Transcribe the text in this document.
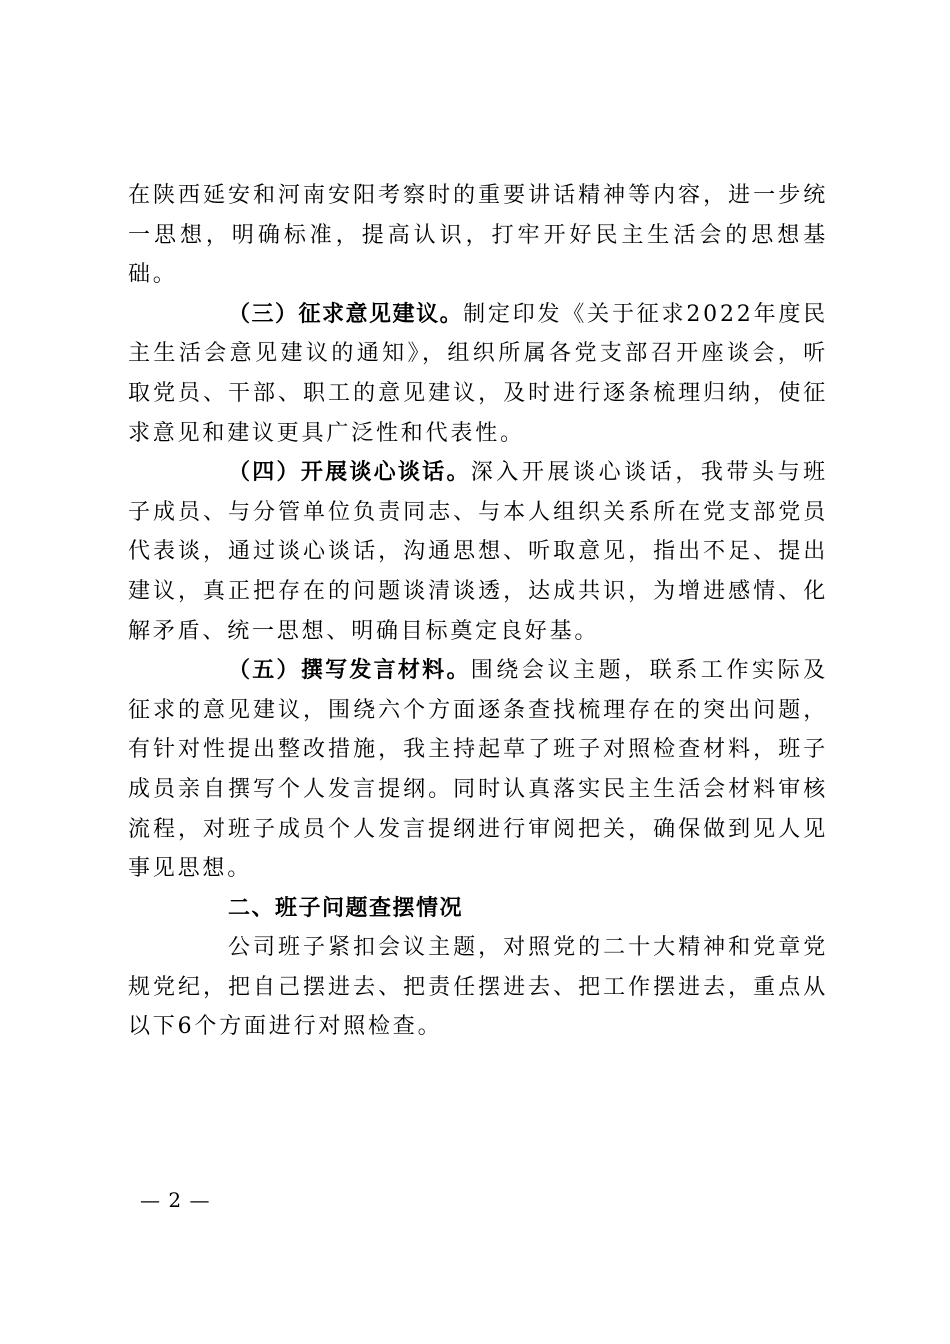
在陕西延安和河南安阳考察时的重要讲话精神等内容，进一步统一思想，明确标准，提高认识，打牢开好民主生活会的思想基础。

（三）征求意见建议。制定印发《关于征求2022年度民主生活会意见建议的通知》，组织所属各党支部召开座谈会，听取党员、干部、职工的意见建议，及时进行逐条梳理归纳，使征求意见和建议更具广泛性和代表性。

（四）开展谈心谈话。深入开展谈心谈话，我带头与班子成员、与分管单位负责同志、与本人组织关系所在党支部党员代表谈，通过谈心谈话，沟通思想、听取意见，指出不足、提出建议，真正把存在的问题谈清谈透，达成共识，为增进感情、化解矛盾、统一思想、明确目标奠定良好基。

（五）撰写发言材料。围绕会议主题，联系工作实际及征求的意见建议，围绕六个方面逐条查找梳理存在的突出问题，有针对性提出整改措施，我主持起草了班子对照检查材料，班子成员亲自撰写个人发言提纲。同时认真落实民主生活会材料审核流程，对班子成员个人发言提纲进行审阅把关，确保做到见人见事见思想。

二、班子问题查摆情况

公司班子紧扣会议主题，对照党的二十大精神和党章党规党纪，把自己摆进去、把责任摆进去、把工作摆进去，重点从以下6个方面进行对照检查。

— 2 —
